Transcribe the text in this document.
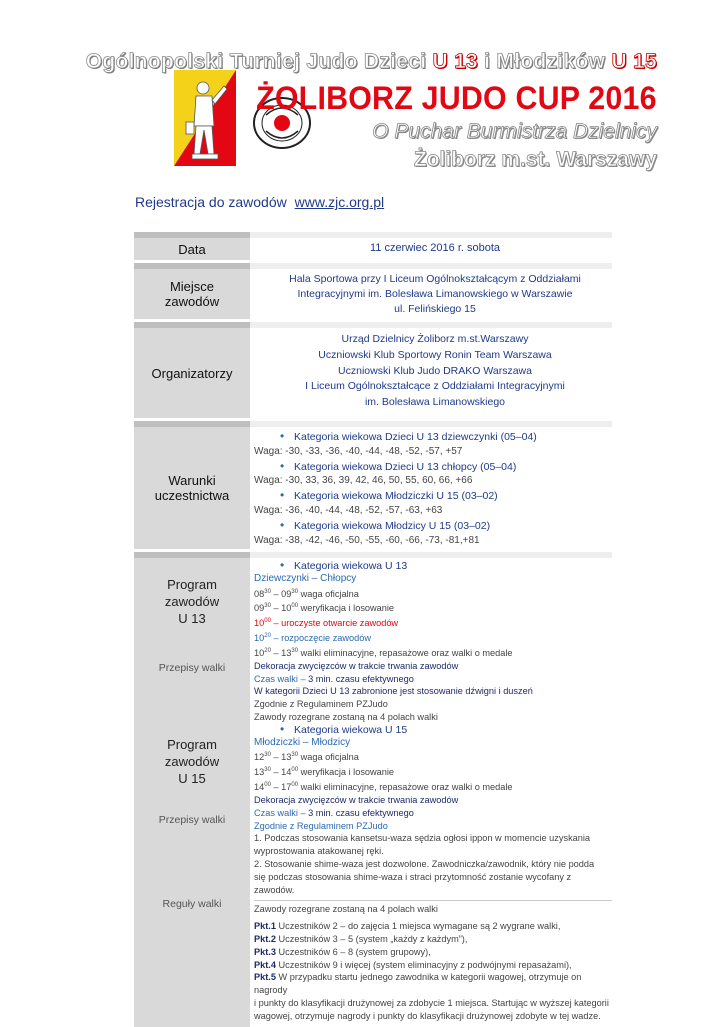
Ogólnopolski Turniej Judo Dzieci U 13 i Młodzików U 15
ŻOLIBORZ JUDO CUP 2016
O Puchar Burmistrza Dzielnicy
Żoliborz m.st. Warszawy
Rejestracja do zawodów www.zjc.org.pl
Data	11 czerwiec 2016 r. sobota
Miejsce
zawodów
Hala Sportowa przy I Liceum Ogólnokształcącym z Oddziałami
Integracyjnymi im. Bolesława Limanowskiego w Warszawie
ul. Felińskiego 15
Organizatorzy
Urząd Dzielnicy Żoliborz m.st.Warszawy
Uczniowski Klub Sportowy Ronin Team Warszawa
Uczniowski Klub Judo DRAKO Warszawa
I Liceum Ogólnokształcące z Oddziałami Integracyjnymi
im. Bolesława Limanowskiego
Warunki
uczestnictwa
• Kategoria wiekowa Dzieci U 13 dziewczynki (05–04)
Waga: -30, -33, -36, -40, -44, -48, -52, -57, +57
• Kategoria wiekowa Dzieci U 13 chłopcy (05–04)
Waga: -30, 33, 36, 39, 42, 46, 50, 55, 60, 66, +66
• Kategoria wiekowa Młodziczki U 15 (03–02)
Waga: -36, -40, -44, -48, -52, -57, -63, +63
• Kategoria wiekowa Młodzicy U 15 (03–02)
Waga: -38, -42, -46, -50, -55, -60, -66, -73, -81,+81
Program
zawodów
U 13
Przepisy walki
Program
zawodów
U 15
Przepisy walki
Reguły walki
• Kategoria wiekowa U 13
Dziewczynki – Chłopcy
$08^{30} - 09^{30}$ waga oficjalna
$09^{30} - 10^{00}$ weryfikacja i losowanie
$10^{00}$ – uroczyste otwarcie zawodów
$10^{20}$ – rozpoczęcie zawodów
$10^{20} - 13^{30}$ walki eliminacyjne, repasażowe oraz walki o medale
Dekoracja zwycięzców w trakcie trwania zawodów
Czas walki – 3 min. czasu efektywnego
W kategorii Dzieci U 13 zabronione jest stosowanie dźwigni i duszeń
Zgodnie z Regulaminem PZJudo
Zawody rozegrane zostaną na 4 polach walki
• Kategoria wiekowa U 15
Młodziczki – Młodzicy
$12^{30} - 13^{30}$ waga oficjalna
$13^{30} - 14^{00}$ weryfikacja i losowanie
$14^{00} - 17^{00}$ walki eliminacyjne, repasażowe oraz walki o medale
Dekoracja zwycięzców w trakcie trwania zawodów
Czas walki – 3 min. czasu efektywnego
Zgodnie z Regulaminem PZJudo
1. Podczas stosowania kansetsu-waza sędzia ogłosi ippon w momencie uzyskania
wyprostowania atakowanej ręki.
2. Stosowanie shime-waza jest dozwolone. Zawodniczka/zawodnik, który nie podda
się podczas stosowania shime-waza i straci przytomność zostanie wycofany z zawodów.
Zawody rozegrane zostaną na 4 polach walki
Pkt.1 Uczestników 2 – do zajęcia 1 miejsca wymagane są 2 wygrane walki,
Pkt.2 Uczestników 3 – 5 (system „każdy z każdym”),
Pkt.3 Uczestników 6 – 8 (system grupowy),
Pkt.4 Uczestników 9 i więcej (system eliminacyjny z podwójnymi repasażami),
Pkt.5 W przypadku startu jednego zawodnika w kategorii wagowej, otrzymuje on nagrody
i punkty do klasyfikacji drużynowej za zdobycie 1 miejsca. Startując w wyższej kategorii
wagowej, otrzymuje nagrody i punkty do klasyfikacji drużynowej zdobyte w tej wadze.
